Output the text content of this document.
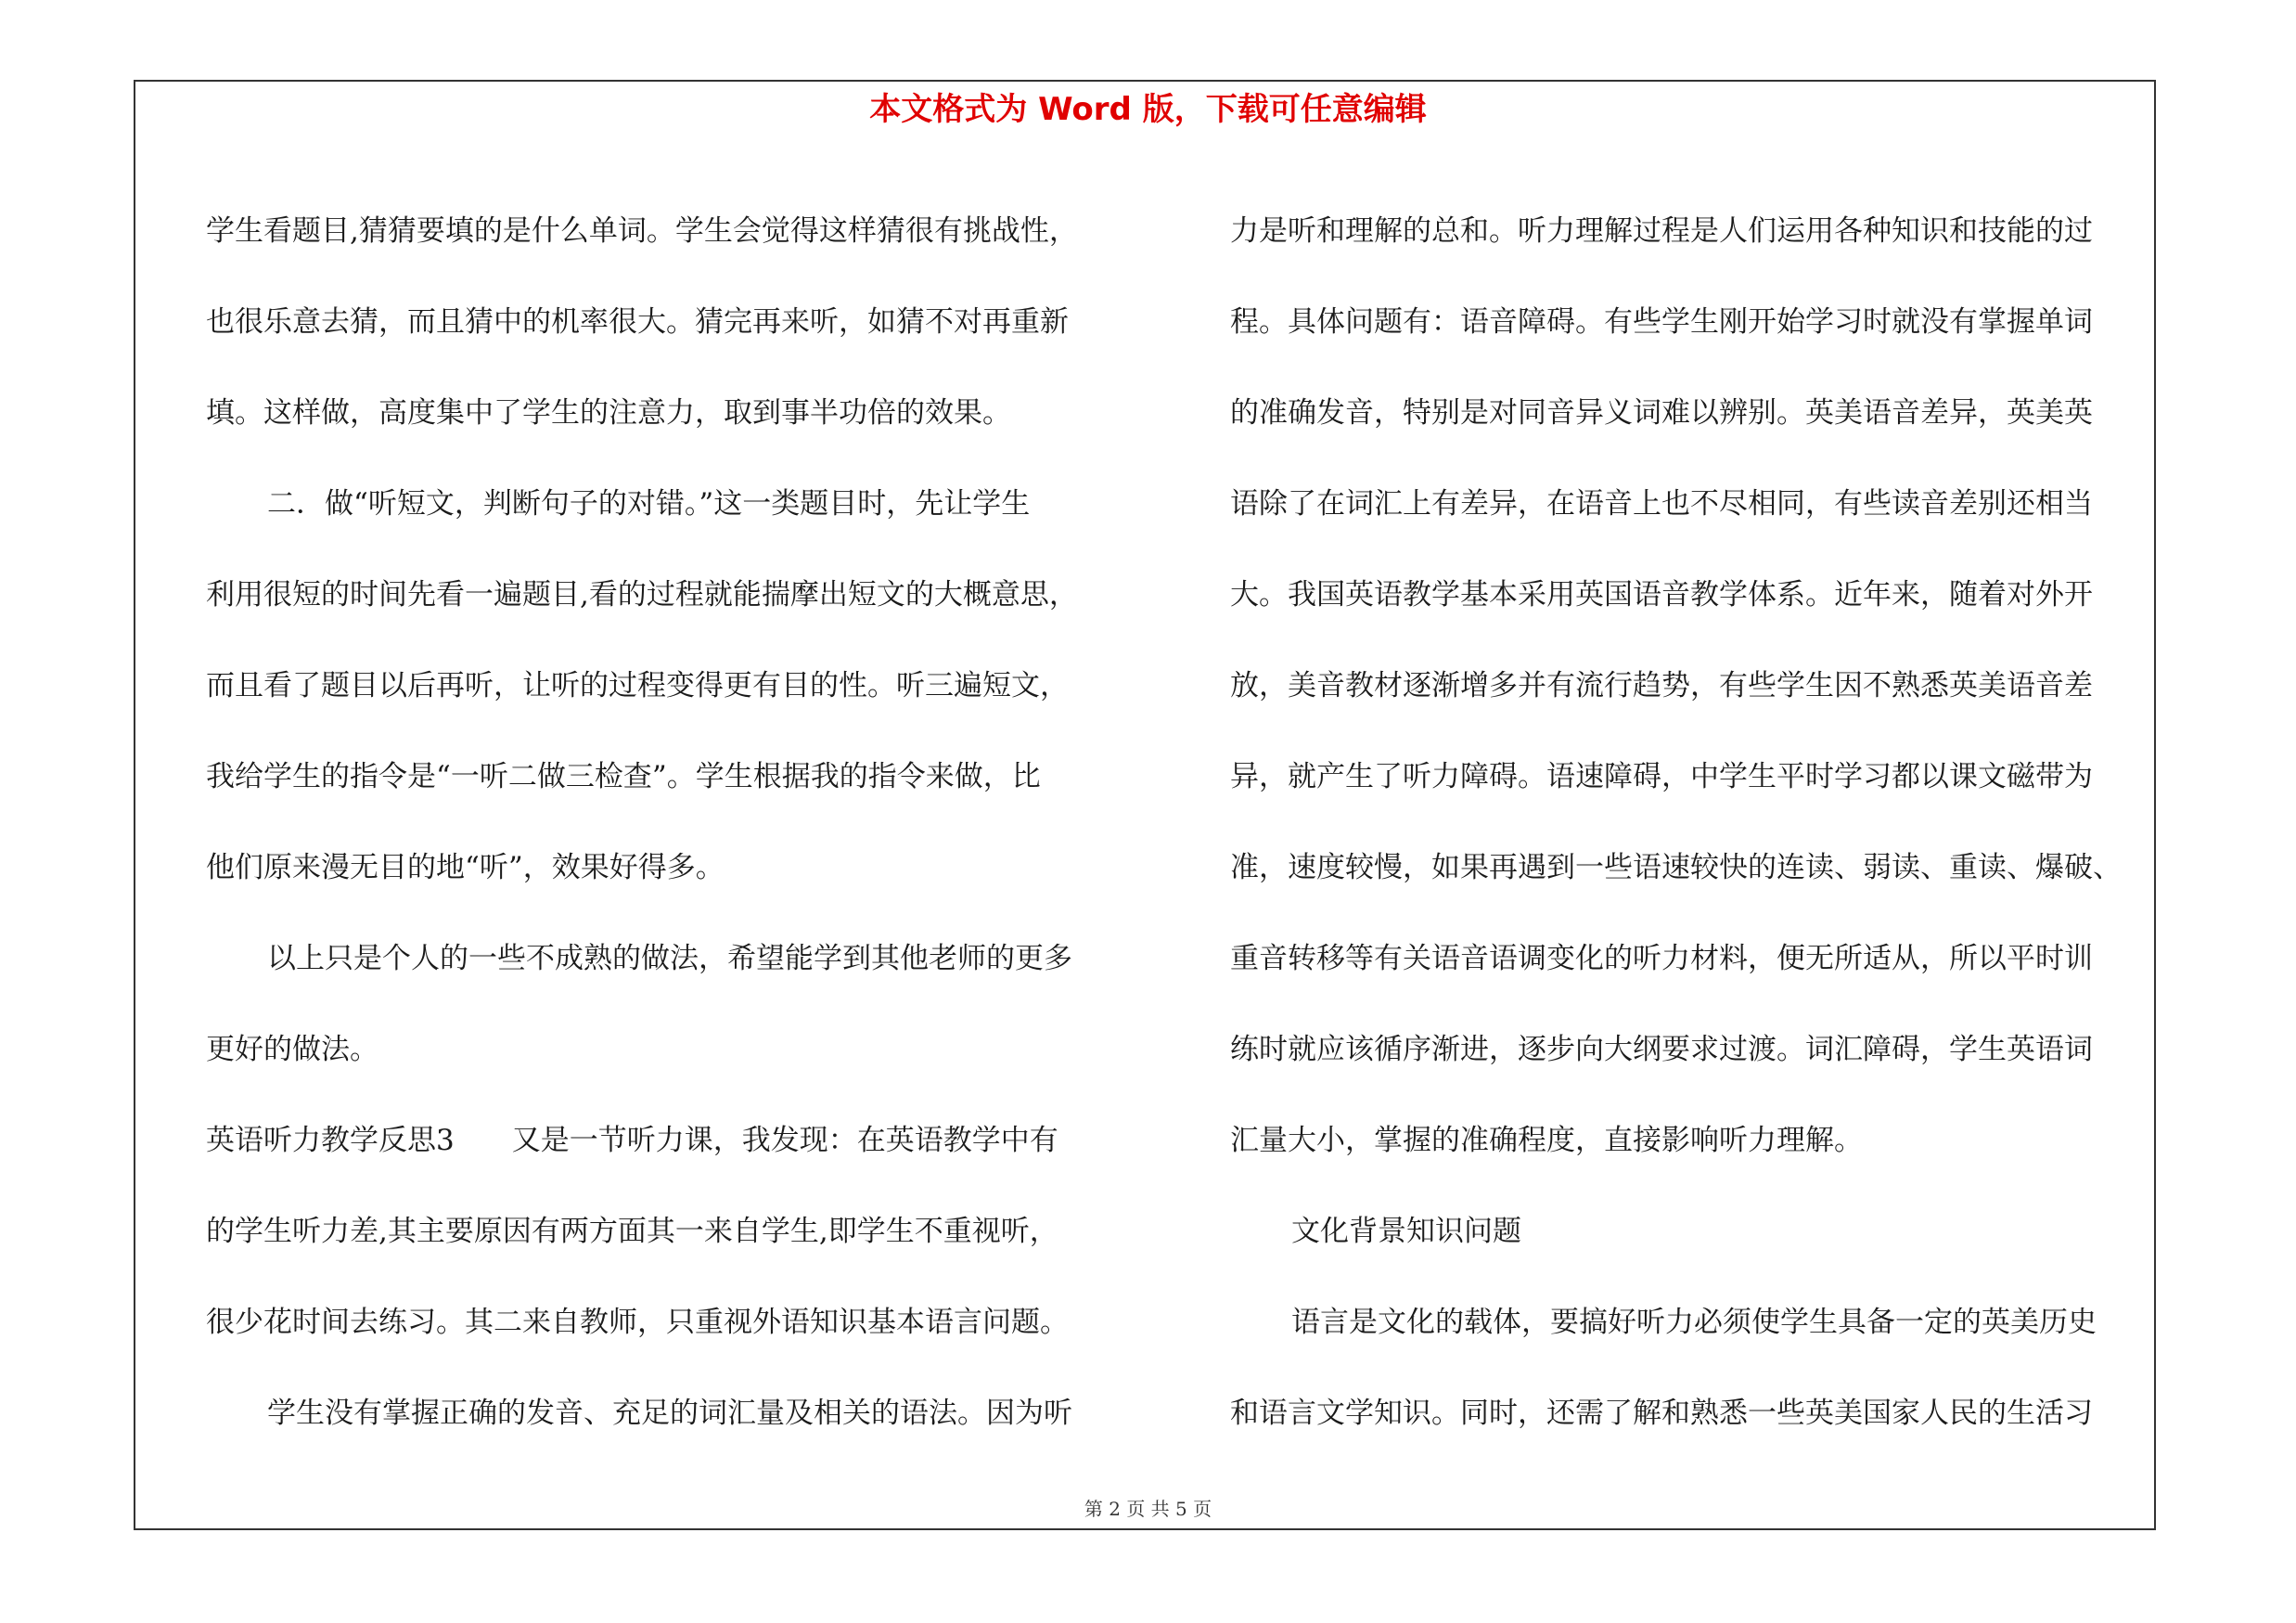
本文格式为 Word 版，下载可任意编辑
学生看题目,猜猜要填的是什么单词。学生会觉得这样猜很有挑战性，
也很乐意去猜，而且猜中的机率很大。猜完再来听，如猜不对再重新
填。这样做，高度集中了学生的注意力，取到事半功倍的效果。
二．做“听短文，判断句子的对错。”这一类题目时，先让学生
利用很短的时间先看一遍题目,看的过程就能揣摩出短文的大概意思，
而且看了题目以后再听，让听的过程变得更有目的性。听三遍短文，
我给学生的指令是“一听二做三检查”。学生根据我的指令来做，比
他们原来漫无目的地“听”，效果好得多。
以上只是个人的一些不成熟的做法，希望能学到其他老师的更多
更好的做法。
英语听力教学反思3　　又是一节听力课，我发现：在英语教学中有
的学生听力差,其主要原因有两方面其一来自学生,即学生不重视听，
很少花时间去练习。其二来自教师，只重视外语知识基本语言问题。
学生没有掌握正确的发音、充足的词汇量及相关的语法。因为听
力是听和理解的总和。听力理解过程是人们运用各种知识和技能的过
程。具体问题有：语音障碍。有些学生刚开始学习时就没有掌握单词
的准确发音，特别是对同音异义词难以辨别。英美语音差异，英美英
语除了在词汇上有差异，在语音上也不尽相同，有些读音差别还相当
大。我国英语教学基本采用英国语音教学体系。近年来，随着对外开
放，美音教材逐渐增多并有流行趋势，有些学生因不熟悉英美语音差
异，就产生了听力障碍。语速障碍，中学生平时学习都以课文磁带为
准，速度较慢，如果再遇到一些语速较快的连读、弱读、重读、爆破、
重音转移等有关语音语调变化的听力材料，便无所适从，所以平时训
练时就应该循序渐进，逐步向大纲要求过渡。词汇障碍，学生英语词
汇量大小，掌握的准确程度，直接影响听力理解。
文化背景知识问题
语言是文化的载体，要搞好听力必须使学生具备一定的英美历史
和语言文学知识。同时，还需了解和熟悉一些英美国家人民的生活习
第 2 页 共 5 页
